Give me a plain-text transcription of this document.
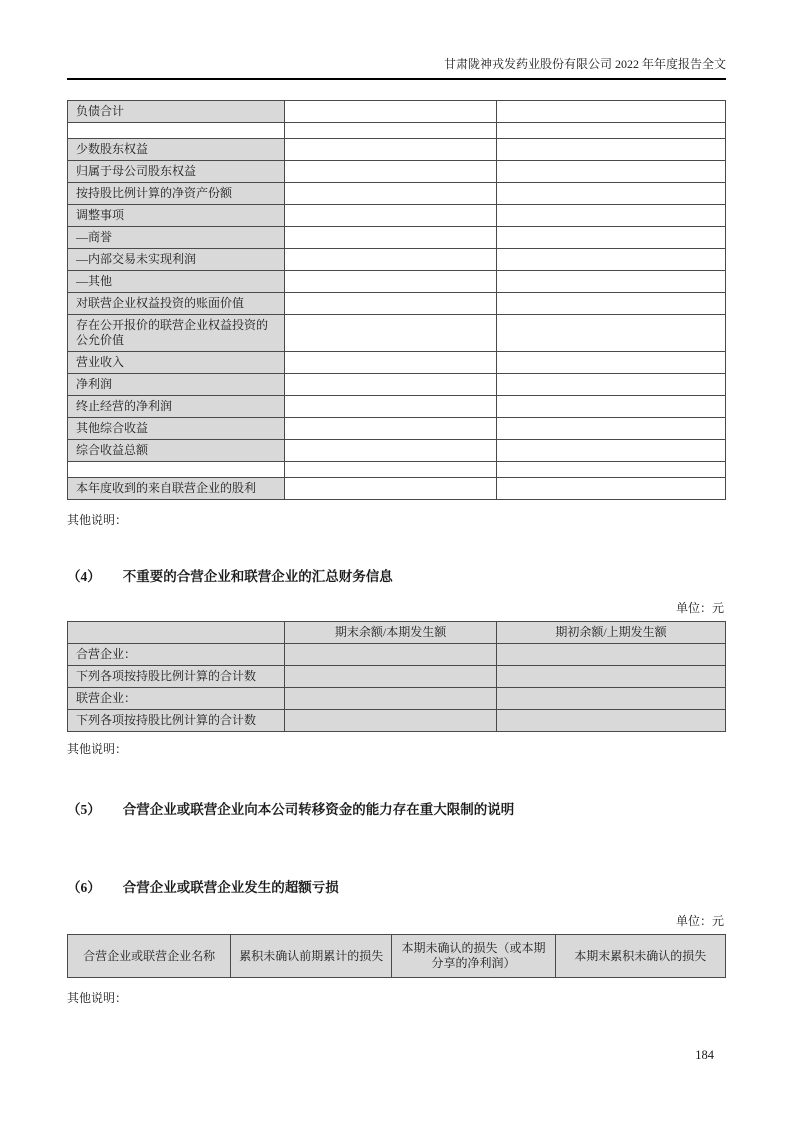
甘肃陇神戎发药业股份有限公司 2022 年年度报告全文
负债合计		

少数股东权益		
归属于母公司股东权益		
按持股比例计算的净资产份额		
调整事项		
—商誉		
—内部交易未实现利润		
—其他		
对联营企业权益投资的账面价值		
存在公开报价的联营企业权益投资的公允价值		
营业收入		
净利润		
终止经营的净利润		
其他综合收益		
综合收益总额		

本年度收到的来自联营企业的股利		
其他说明：
（4） 不重要的合营企业和联营企业的汇总财务信息
单位：元
	期末余额/本期发生额	期初余额/上期发生额
合营企业：		
下列各项按持股比例计算的合计数		
联营企业：		
下列各项按持股比例计算的合计数		
其他说明：
（5） 合营企业或联营企业向本公司转移资金的能力存在重大限制的说明
（6） 合营企业或联营企业发生的超额亏损
单位：元
合营企业或联营企业名称	累积未确认前期累计的损失	本期未确认的损失（或本期分享的净利润）	本期末累积未确认的损失
其他说明：
184
